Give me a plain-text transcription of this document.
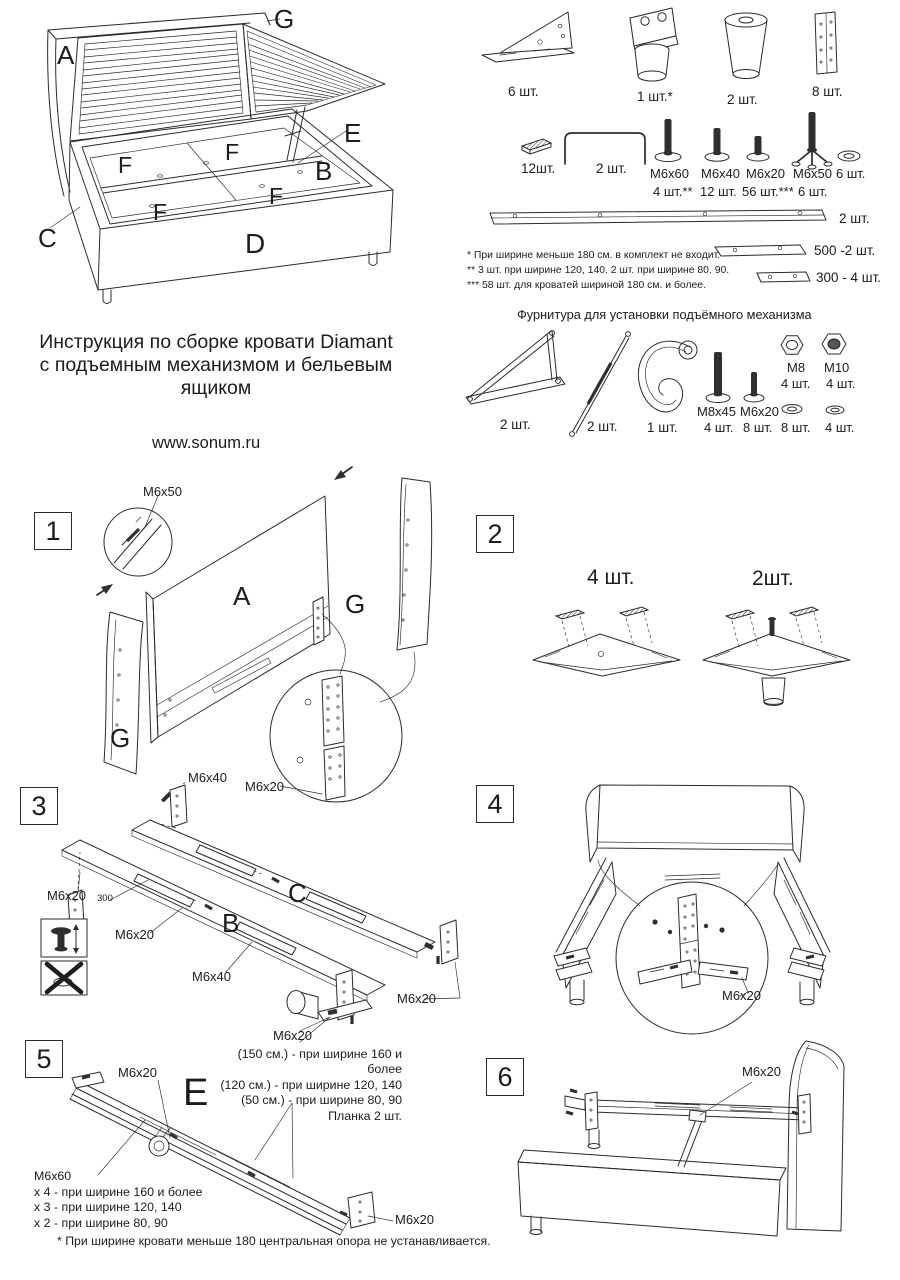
A
G
E
F	F
F
F
B
C	D
6 шт.	1 шт.*	2 шт.
8 шт.
12шт.	2 шт. M6x60
4 шт.**
M6x40
12 шт.
M6x20
56 шт.***
M6x50
6 шт.
6 шт.
2 шт.
500 -2 шт.
300 - 4 шт.
* При ширине меньше 180 см. в комплект не входит.
** 3 шт. при ширине 120, 140. 2 шт. при ширине 80. 90.
*** 58 шт. для кроватей шириной 180 см. и более.
Фурнитура для установки подъёмного механизма
2 шт.	2 шт. 1 шт.
M8x45
4 шт.
M6x20
8 шт.
M8
4 шт.
M10
4 шт.
8 шт. 4 шт.
Инструкция по сборке кровати Diamant
с подъемным механизмом и бельевым ящиком
www.sonum.ru
1	2
3	4
5
6
M6x50
A	G
G
4 шт.	2шт.
M6x40
M6x20
M6x20 300
M6x20	B
C
M6x40
M6x20
M6x20
M6x20
M6x20 E
(150 см.) - при ширине 160 и более
(120 см.) - при ширине 120, 140
(50 см.) - при ширине 80, 90
Планка 2 шт.
M6x60
x 4 - при ширине 160 и более
x 3 - при ширине 120, 140
x 2 - при ширине 80, 90	M6x20
M6x20
* При ширине кровати меньше 180 центральная опора не устанавливается.
